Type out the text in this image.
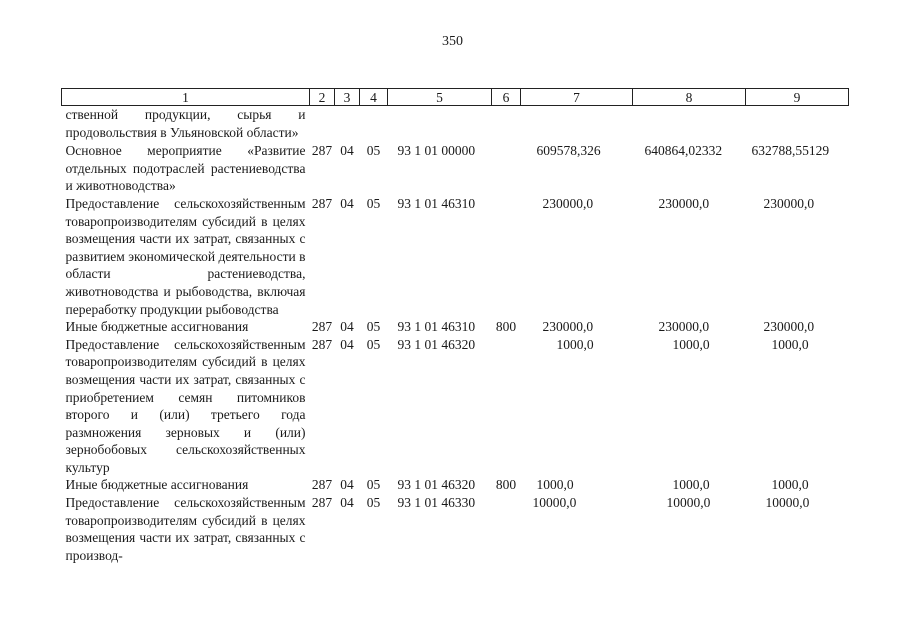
350
1	2	3	4	5	6	7	8	9
ственной продукции, сырья и продовольствия в Ульяновской области»								
Основное мероприятие «Развитие отдельных подотраслей растениеводства и животноводства»	287	04	05	93 1 01 00000		609578,326	640864,02332	632788,55129
Предоставление сельскохозяйственным товаропроизводителям субсидий в целях возмещения части их затрат, связанных с развитием экономической деятельности в области растениеводства, животноводства и рыбоводства, включая переработку продукции рыбоводства	287	04	05	93 1 01 46310		230000,0	230000,0	230000,0
Иные бюджетные ассигнования	287	04	05	93 1 01 46310	800	230000,0	230000,0	230000,0
Предоставление сельскохозяйственным товаропроизводителям субсидий в целях возмещения части их затрат, связанных с приобретением семян питомников второго и (или) третьего года размножения зерновых и (или) зернобобовых сельскохозяйственных культур	287	04	05	93 1 01 46320		1000,0	1000,0	1000,0
Иные бюджетные ассигнования	287	04	05	93 1 01 46320	800	1000,0	1000,0	1000,0
Предоставление сельскохозяйственным товаропроизводителям субсидий в целях возмещения части их затрат, связанных с производ-	287	04	05	93 1 01 46330		10000,0	10000,0	10000,0
